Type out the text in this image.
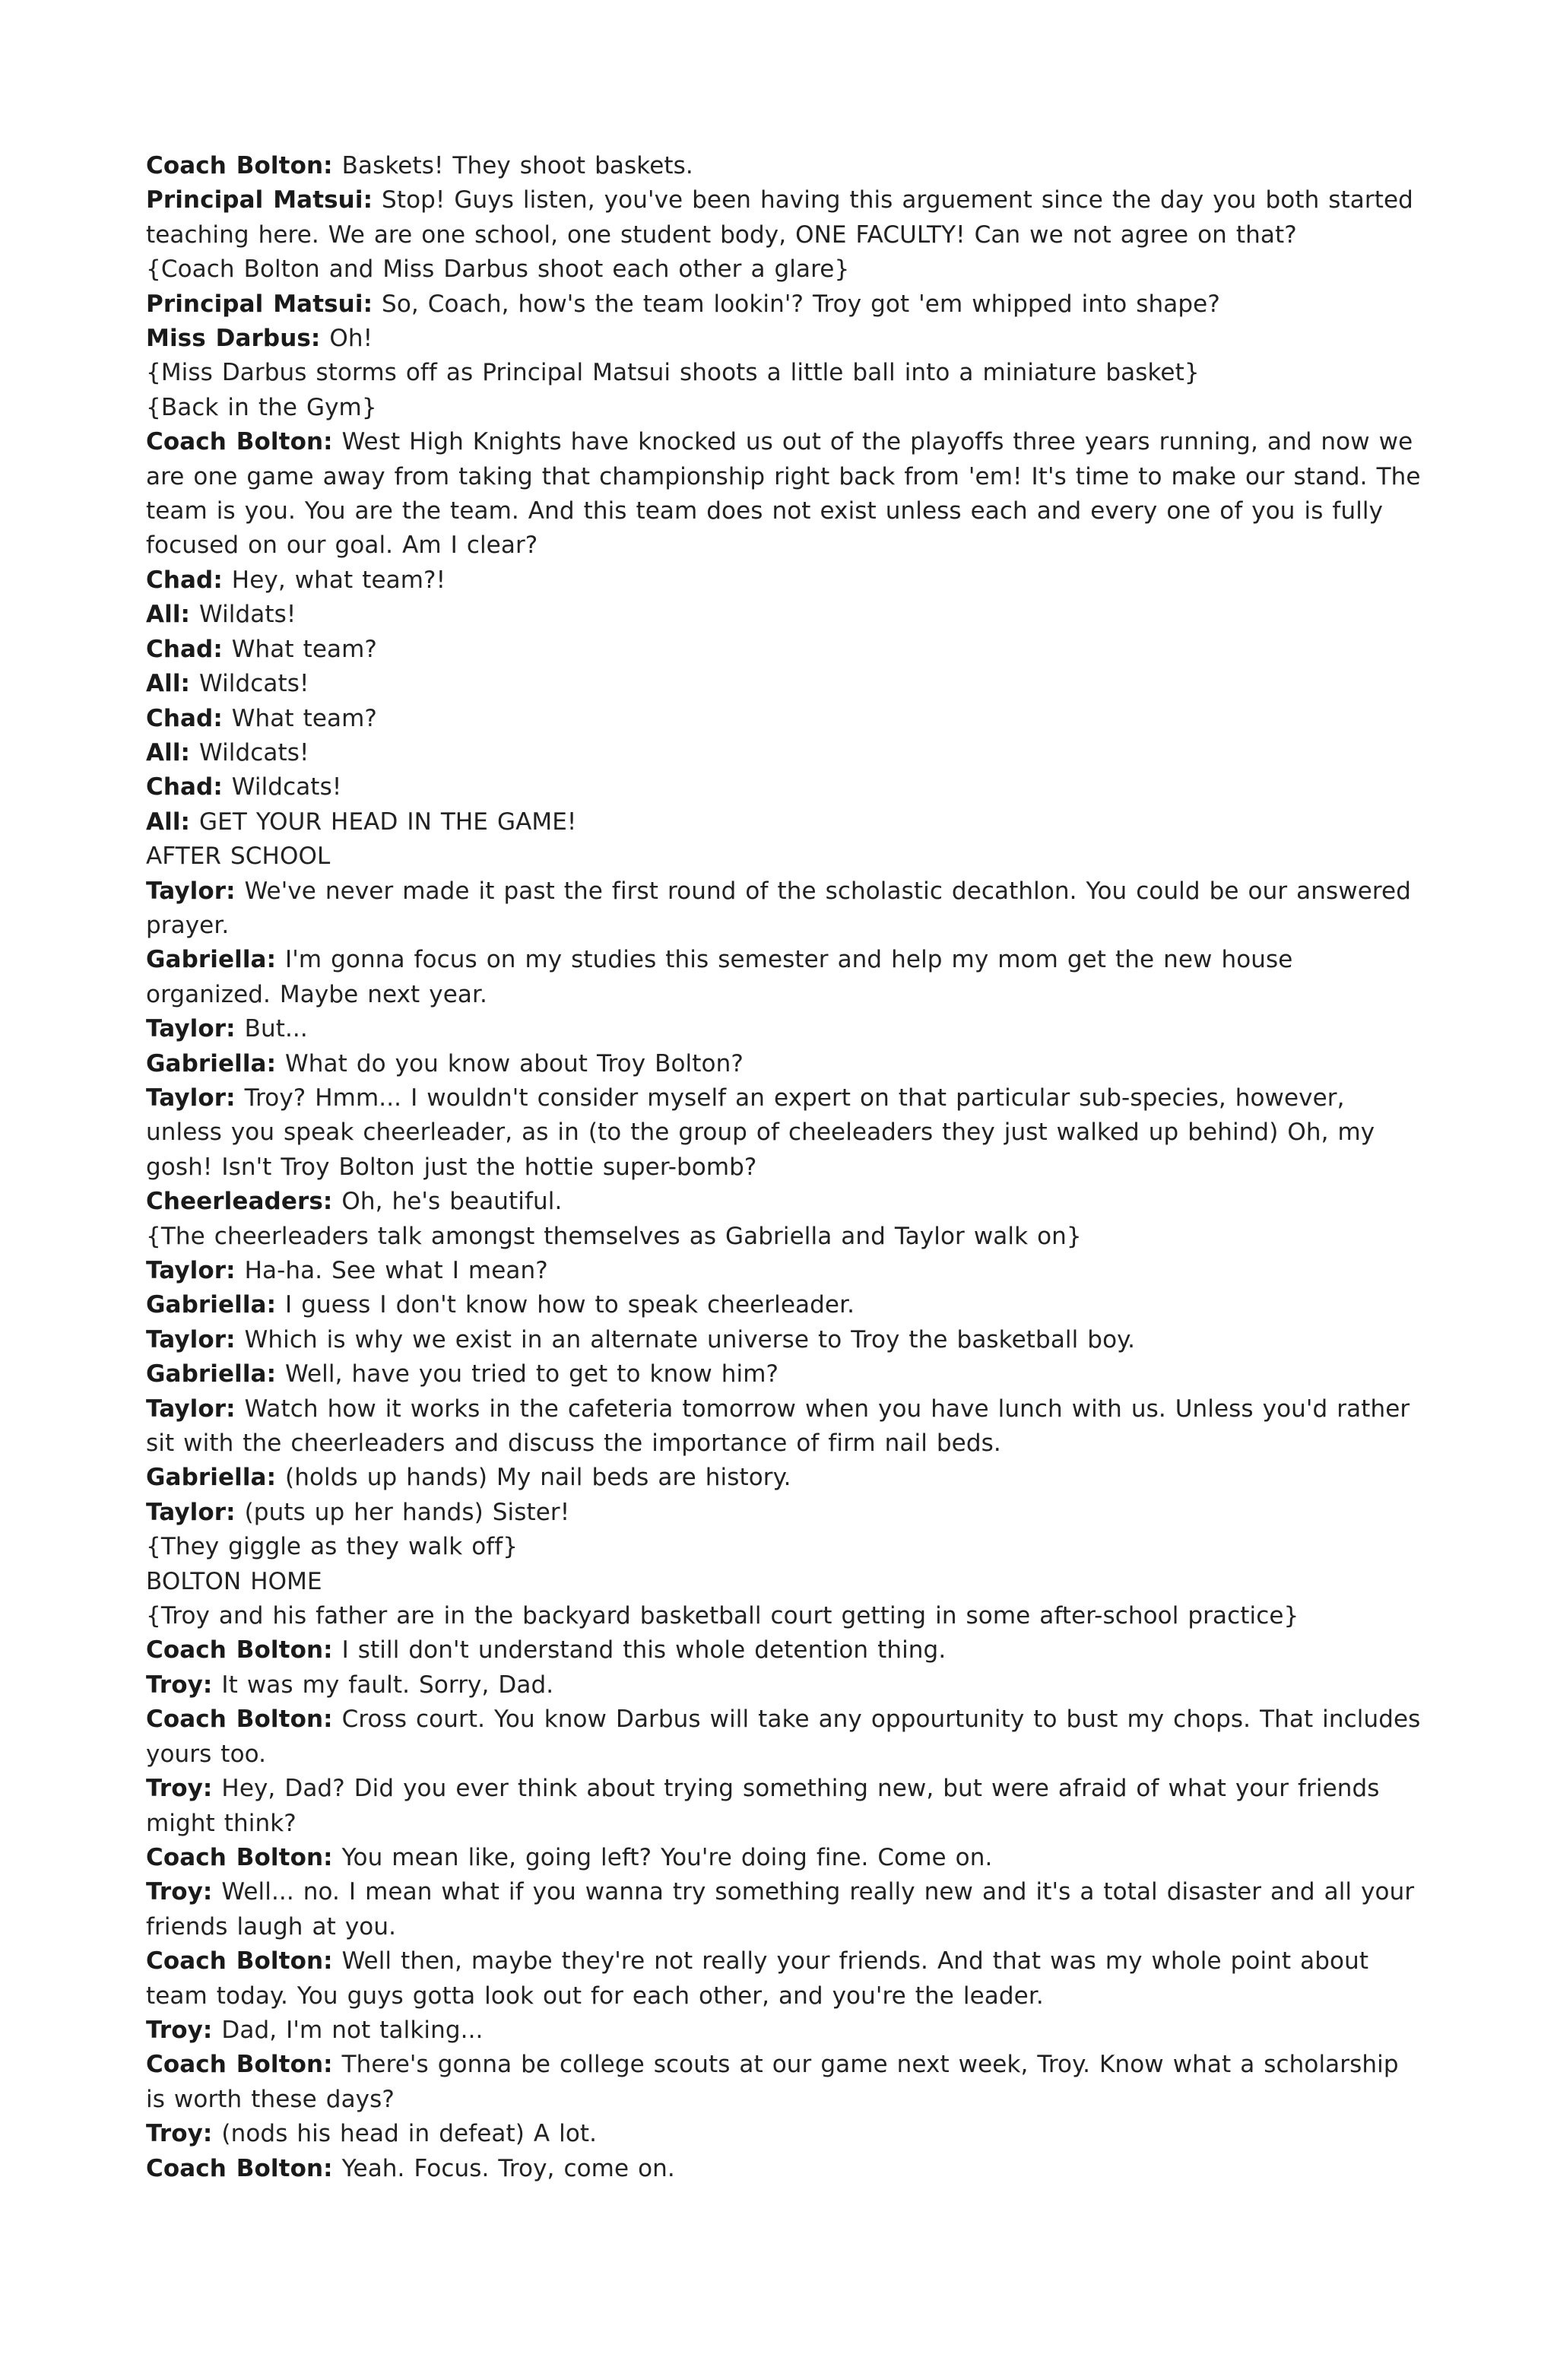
Coach Bolton: Baskets! They shoot baskets.

Principal Matsui: Stop! Guys listen, you've been having this arguement since the day you both started teaching here. We are one school, one student body, ONE FACULTY! Can we not agree on that?

{Coach Bolton and Miss Darbus shoot each other a glare}

Principal Matsui: So, Coach, how's the team lookin'? Troy got 'em whipped into shape?

Miss Darbus: Oh!

{Miss Darbus storms off as Principal Matsui shoots a little ball into a miniature basket}

{Back in the Gym}

Coach Bolton: West High Knights have knocked us out of the playoffs three years running, and now we are one game away from taking that championship right back from 'em! It's time to make our stand. The team is you. You are the team. And this team does not exist unless each and every one of you is fully focused on our goal. Am I clear?

Chad: Hey, what team?!

All: Wildats!

Chad: What team?

All: Wildcats!

Chad: What team?

All: Wildcats!

Chad: Wildcats!

All: GET YOUR HEAD IN THE GAME!

AFTER SCHOOL

Taylor: We've never made it past the first round of the scholastic decathlon. You could be our answered prayer.

Gabriella: I'm gonna focus on my studies this semester and help my mom get the new house organized. Maybe next year.

Taylor: But...

Gabriella: What do you know about Troy Bolton?

Taylor: Troy? Hmm... I wouldn't consider myself an expert on that particular sub-species, however, unless you speak cheerleader, as in (to the group of cheeleaders they just walked up behind) Oh, my gosh! Isn't Troy Bolton just the hottie super-bomb?

Cheerleaders: Oh, he's beautiful.

{The cheerleaders talk amongst themselves as Gabriella and Taylor walk on}

Taylor: Ha-ha. See what I mean?

Gabriella: I guess I don't know how to speak cheerleader.

Taylor: Which is why we exist in an alternate universe to Troy the basketball boy.

Gabriella: Well, have you tried to get to know him?

Taylor: Watch how it works in the cafeteria tomorrow when you have lunch with us. Unless you'd rather sit with the cheerleaders and discuss the importance of firm nail beds.

Gabriella: (holds up hands) My nail beds are history.

Taylor: (puts up her hands) Sister!

{They giggle as they walk off}

BOLTON HOME

{Troy and his father are in the backyard basketball court getting in some after-school practice}

Coach Bolton: I still don't understand this whole detention thing.

Troy: It was my fault. Sorry, Dad.

Coach Bolton: Cross court. You know Darbus will take any oppourtunity to bust my chops. That includes yours too.

Troy: Hey, Dad? Did you ever think about trying something new, but were afraid of what your friends might think?

Coach Bolton: You mean like, going left? You're doing fine. Come on.

Troy: Well... no. I mean what if you wanna try something really new and it's a total disaster and all your friends laugh at you.

Coach Bolton: Well then, maybe they're not really your friends. And that was my whole point about team today. You guys gotta look out for each other, and you're the leader.

Troy: Dad, I'm not talking...

Coach Bolton: There's gonna be college scouts at our game next week, Troy. Know what a scholarship is worth these days?

Troy: (nods his head in defeat) A lot.

Coach Bolton: Yeah. Focus. Troy, come on.
